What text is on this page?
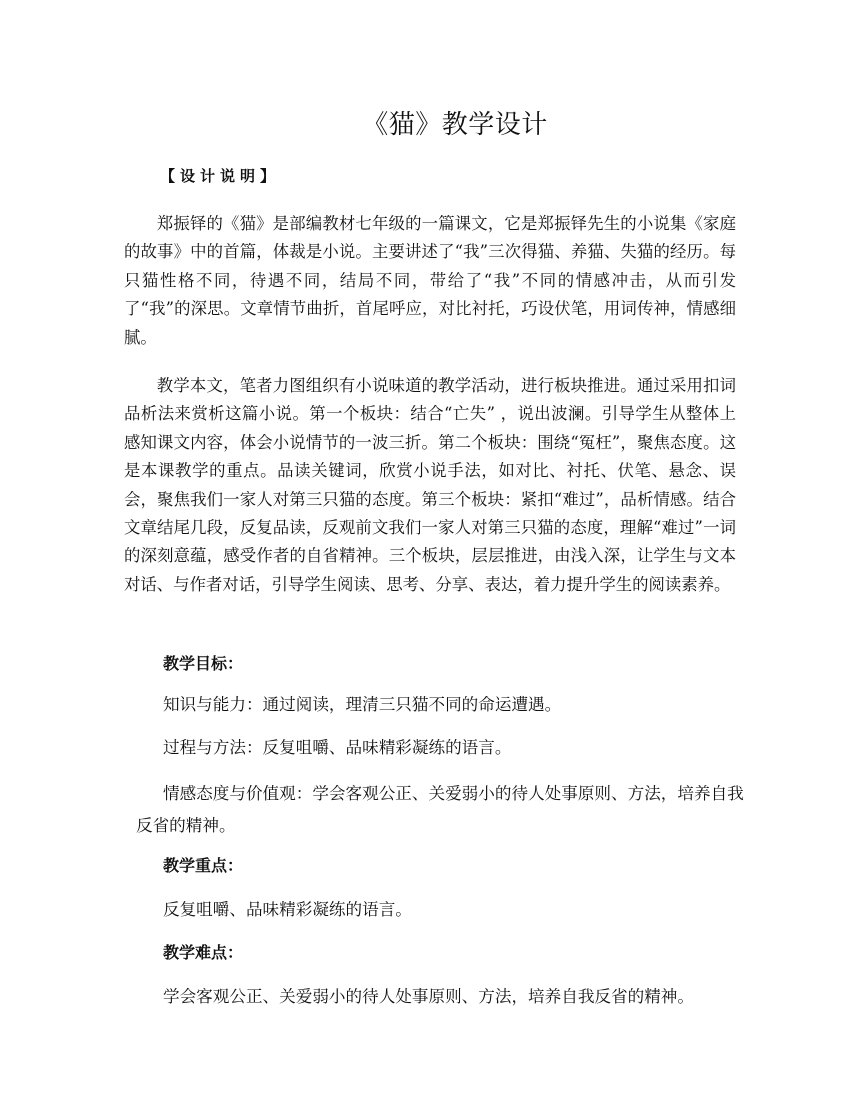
《猫》教学设计
【设计说明】

郑振铎的《猫》是部编教材七年级的一篇课文，它是郑振铎先生的小说集《家庭的故事》中的首篇，体裁是小说。主要讲述了“我”三次得猫、养猫、失猫的经历。每只猫性格不同，待遇不同，结局不同，带给了“我”不同的情感冲击，从而引发了“我”的深思。文章情节曲折，首尾呼应，对比衬托，巧设伏笔，用词传神，情感细腻。

教学本文，笔者力图组织有小说味道的教学活动，进行板块推进。通过采用扣词品析法来赏析这篇小说。第一个板块：结合“亡失” ，说出波澜。引导学生从整体上感知课文内容，体会小说情节的一波三折。第二个板块：围绕“冤枉”，聚焦态度。这是本课教学的重点。品读关键词，欣赏小说手法，如对比、衬托、伏笔、悬念、误会，聚焦我们一家人对第三只猫的态度。第三个板块：紧扣“难过”，品析情感。结合文章结尾几段，反复品读，反观前文我们一家人对第三只猫的态度，理解“难过”一词的深刻意蕴，感受作者的自省精神。三个板块，层层推进，由浅入深，让学生与文本对话、与作者对话，引导学生阅读、思考、分享、表达，着力提升学生的阅读素养。

教学目标：
知识与能力：通过阅读，理清三只猫不同的命运遭遇。
过程与方法：反复咀嚼、品味精彩凝练的语言。
情感态度与价值观：学会客观公正、关爱弱小的待人处事原则、方法，培养自我反省的精神。
教学重点：
反复咀嚼、品味精彩凝练的语言。
教学难点：
学会客观公正、关爱弱小的待人处事原则、方法，培养自我反省的精神。
